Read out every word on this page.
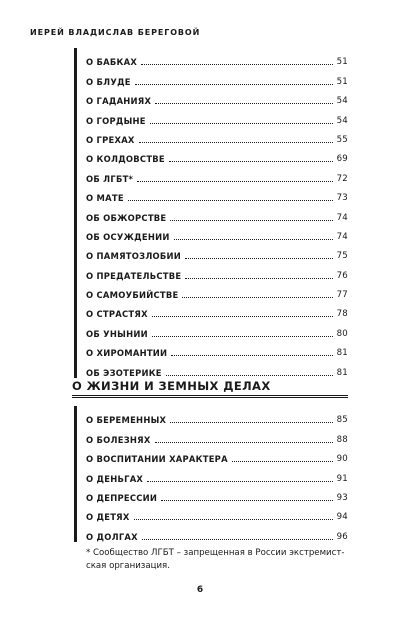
ИЕРЕЙ ВЛАДИСЛАВ БЕРЕГОВОЙ
О БАБКАХ	51
О БЛУДЕ	51
О ГАДАНИЯХ	54
О ГОРДЫНЕ	54
О ГРЕХАХ	55
О КОЛДОВСТВЕ	69
ОБ ЛГБТ*	72
О МАТЕ	73
ОБ ОБЖОРСТВЕ	74
ОБ ОСУЖДЕНИИ	74
О ПАМЯТОЗЛОБИИ	75
О ПРЕДАТЕЛЬСТВЕ	76
О САМОУБИЙСТВЕ	77
О СТРАСТЯХ	78
ОБ УНЫНИИ	80
О ХИРОМАНТИИ	81
ОБ ЭЗОТЕРИКЕ	81
О ЖИЗНИ И ЗЕМНЫХ ДЕЛАХ
О БЕРЕМЕННЫХ	85
О БОЛЕЗНЯХ	88
О ВОСПИТАНИИ ХАРАКТЕРА	90
О ДЕНЬГАХ	91
О ДЕПРЕССИИ	93
О ДЕТЯХ	94
О ДОЛГАХ	96
* Сообщество ЛГБТ – запрещенная в России экстремист-
ская организация.
6
